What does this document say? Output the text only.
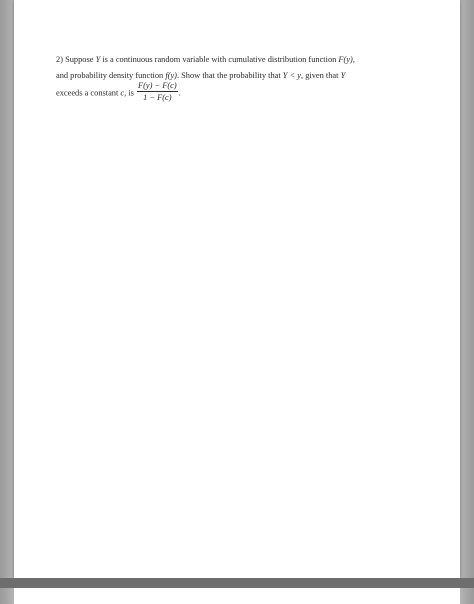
2) Suppose Y is a continuous random variable with cumulative distribution function F(y),
and probability density function f(y). Show that the probability that Y < y, given that Y
exceeds a constant c, is $\frac{F(y) - F(c)}{1 - F(c)}$ .
